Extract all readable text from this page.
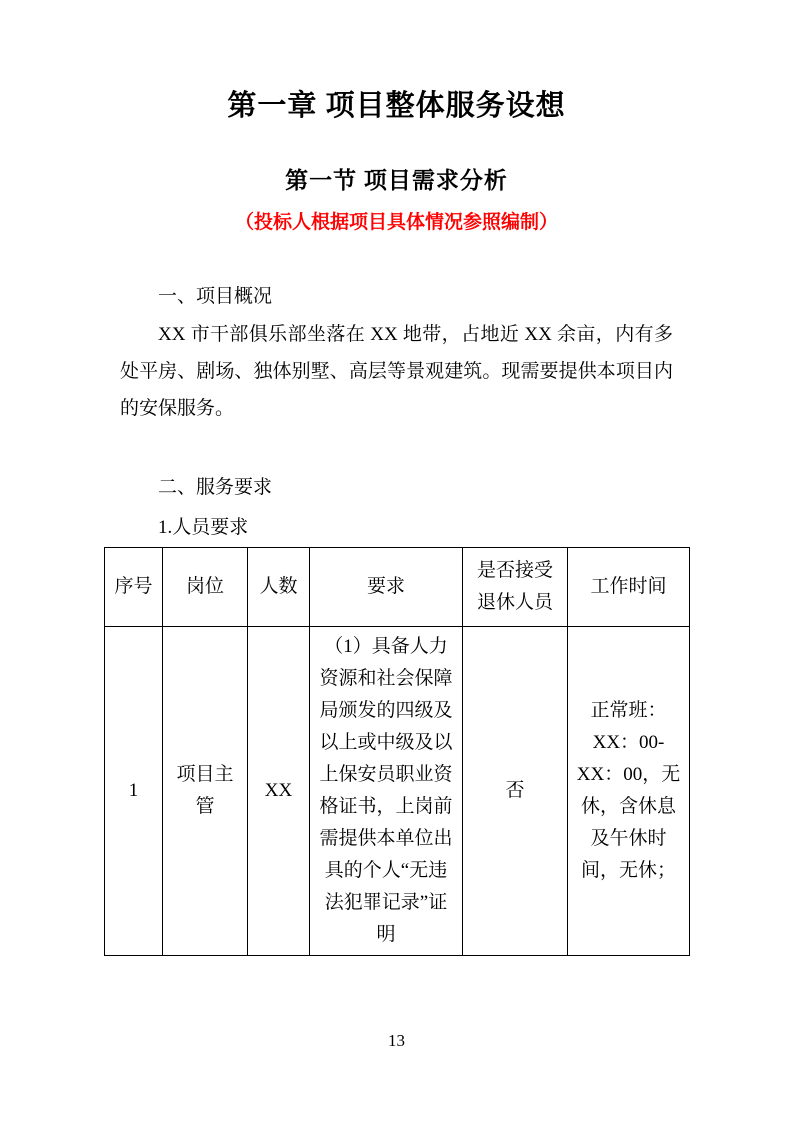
第一章 项目整体服务设想
第一节 项目需求分析
（投标人根据项目具体情况参照编制）
一、项目概况

XX 市干部俱乐部坐落在 XX 地带，占地近 XX 余亩，内有多处平房、剧场、独体别墅、高层等景观建筑。现需要提供本项目内的安保服务。

二、服务要求
1.人员要求
序号	岗位	人数	要求	是否接受退休人员	工作时间
1	项目主管	XX	（1）具备人力资源和社会保障局颁发的四级及以上或中级及以上保安员职业资格证书，上岗前需提供本单位出具的个人“无违法犯罪记录”证明	否	正常班：XX：00-XX：00，无休，含休息及午休时间，无休；
13
